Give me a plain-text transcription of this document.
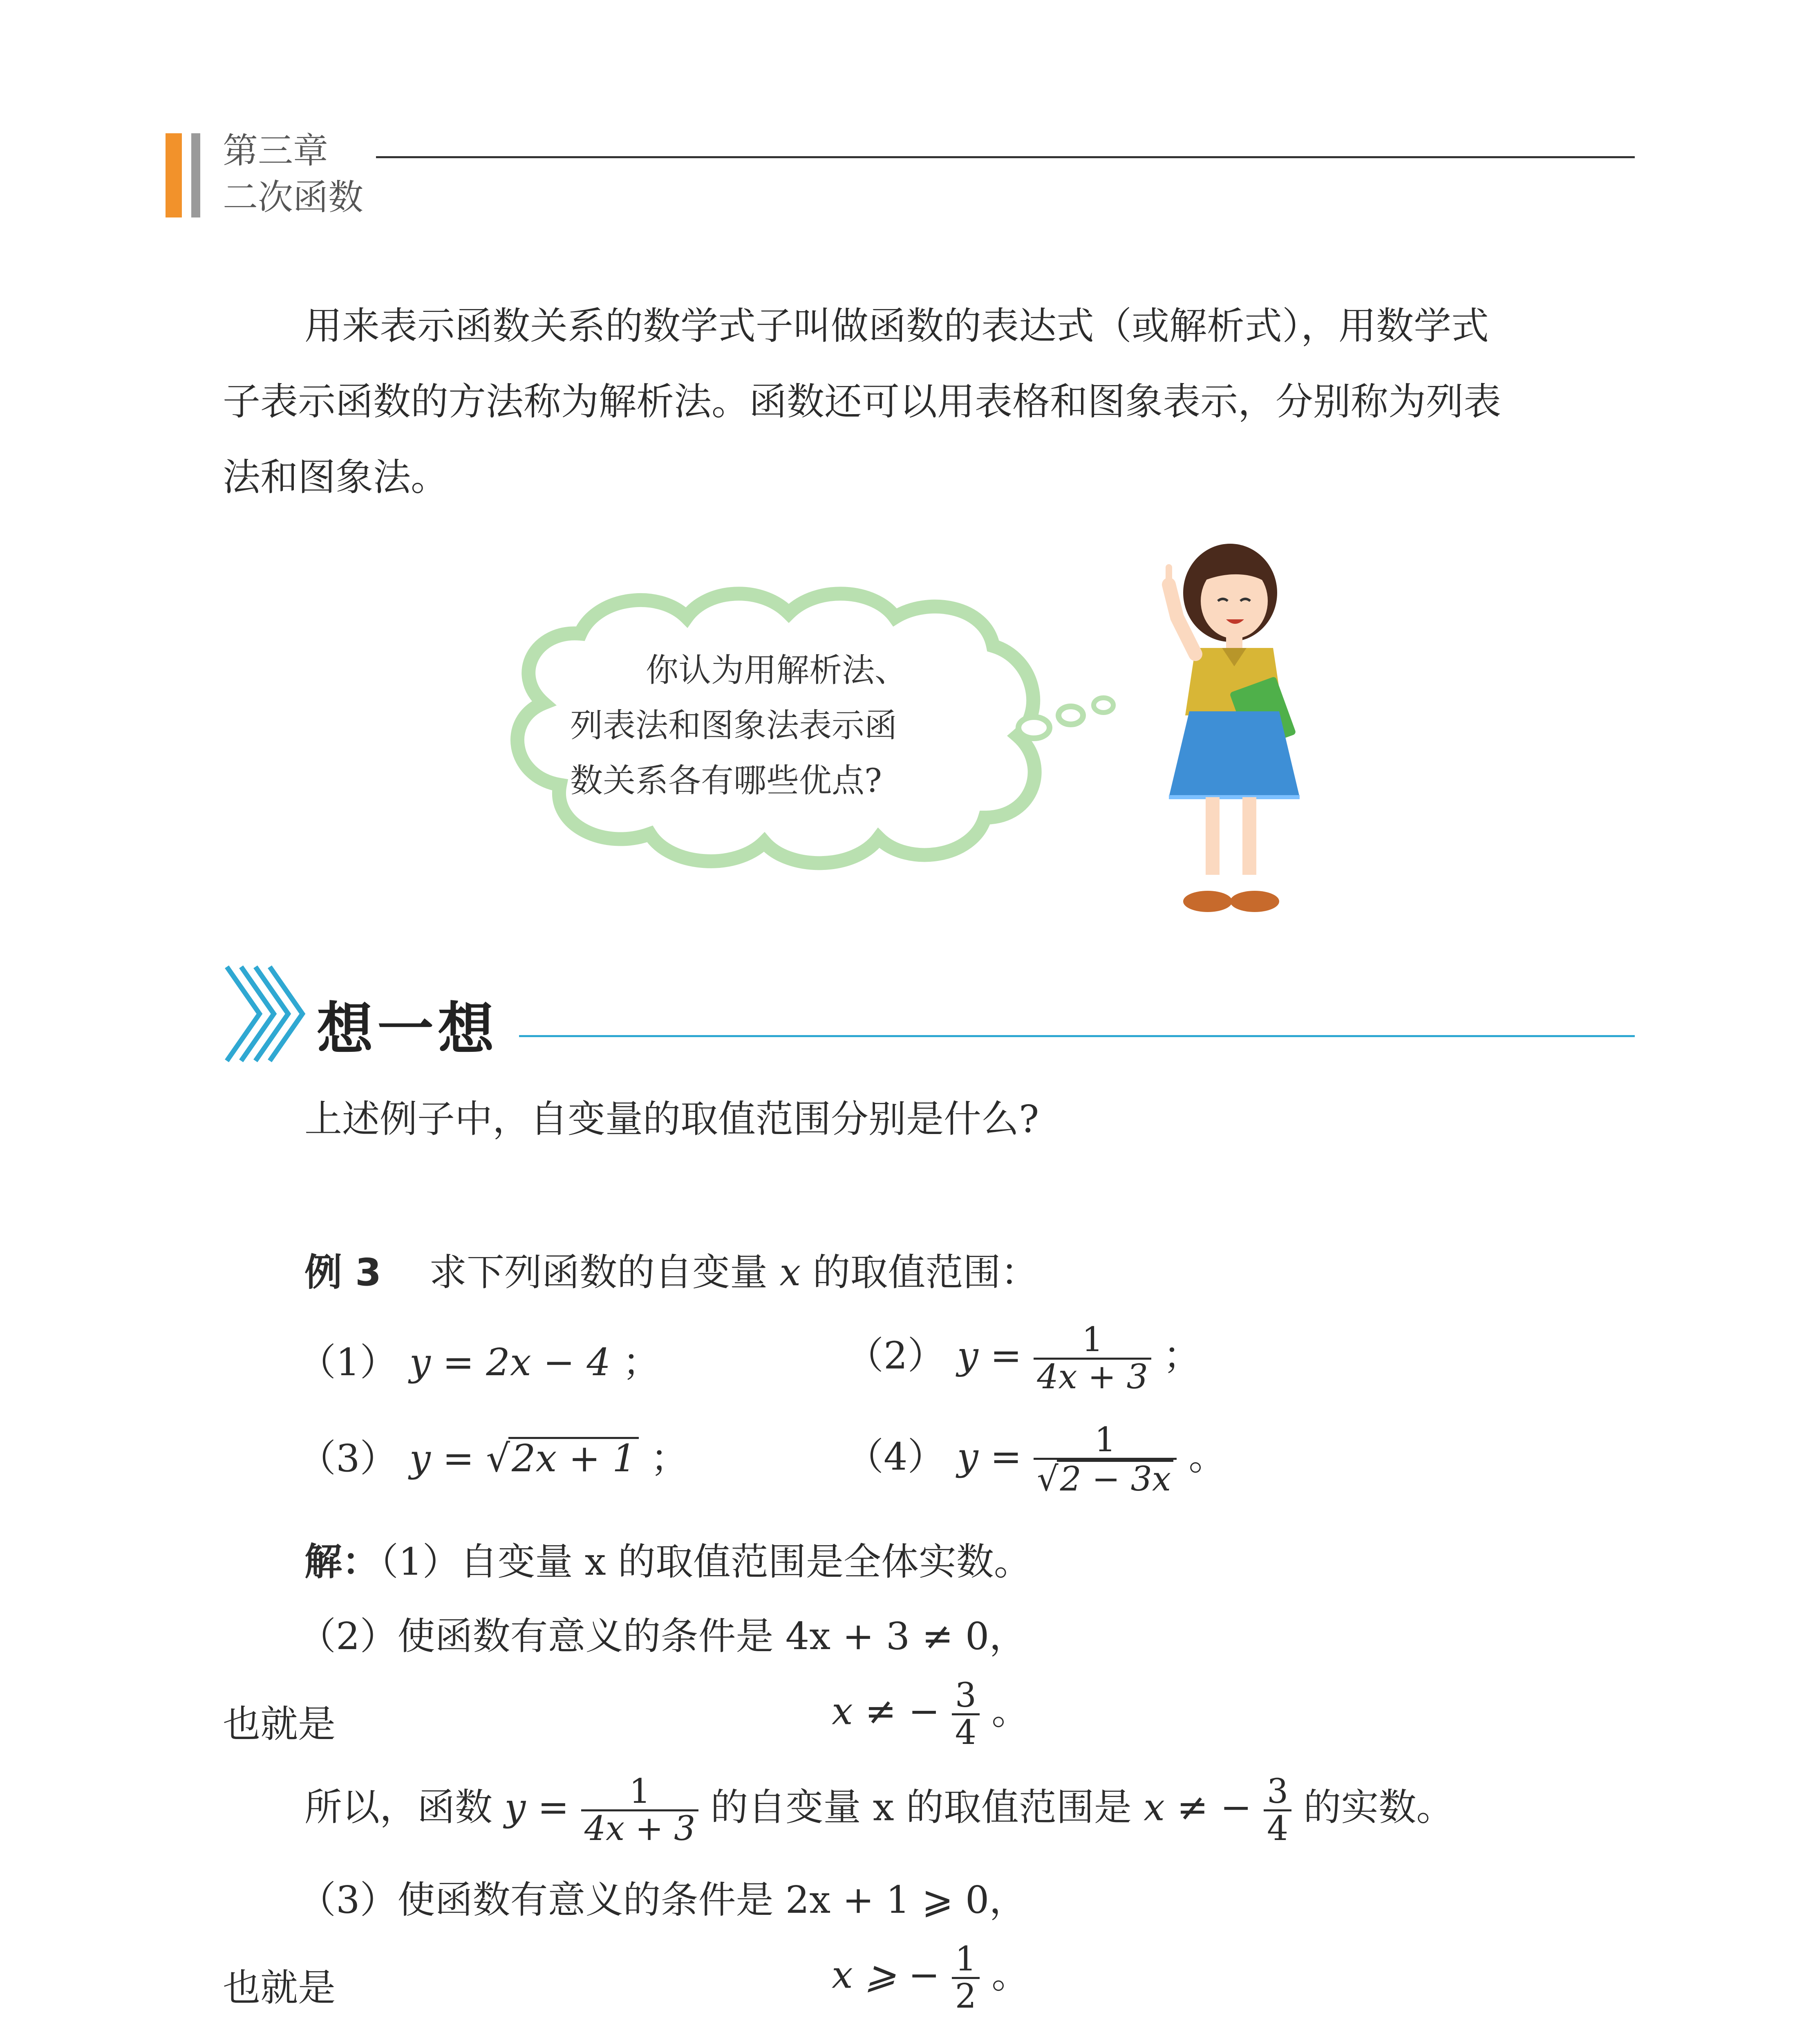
第三章
二次函数
用来表示函数关系的数学式子叫做函数的表达式（或解析式），用数学式
子表示函数的方法称为解析法。函数还可以用表格和图象表示，分别称为列表
法和图象法。
你认为用解析法、
列表法和图象法表示函
数关系各有哪些优点?
想一想
上述例子中，自变量的取值范围分别是什么?
例 3 求下列函数的自变量 x 的取值范围：
（1） y = 2x − 4 ；	（2） $y = \frac{1}{4x + 3}$ ；
（3） y = √2x + 1 ；	（4） $y = \frac{1}{√2 - 3x}$ 。
解：（1）自变量 x 的取值范围是全体实数。
（2）使函数有意义的条件是 4x + 3 ≠ 0，
也就是	x ≠ − $\frac{3}{4}$ 。
所以，函数 $y = \frac{1}{4x + 3}$ 的自变量 x 的取值范围是 x ≠ − $\frac{3}{4}$ 的实数。
（3）使函数有意义的条件是 2x + 1 ⩾ 0，
也就是	x ⩾ − $\frac{1}{2}$ 。
